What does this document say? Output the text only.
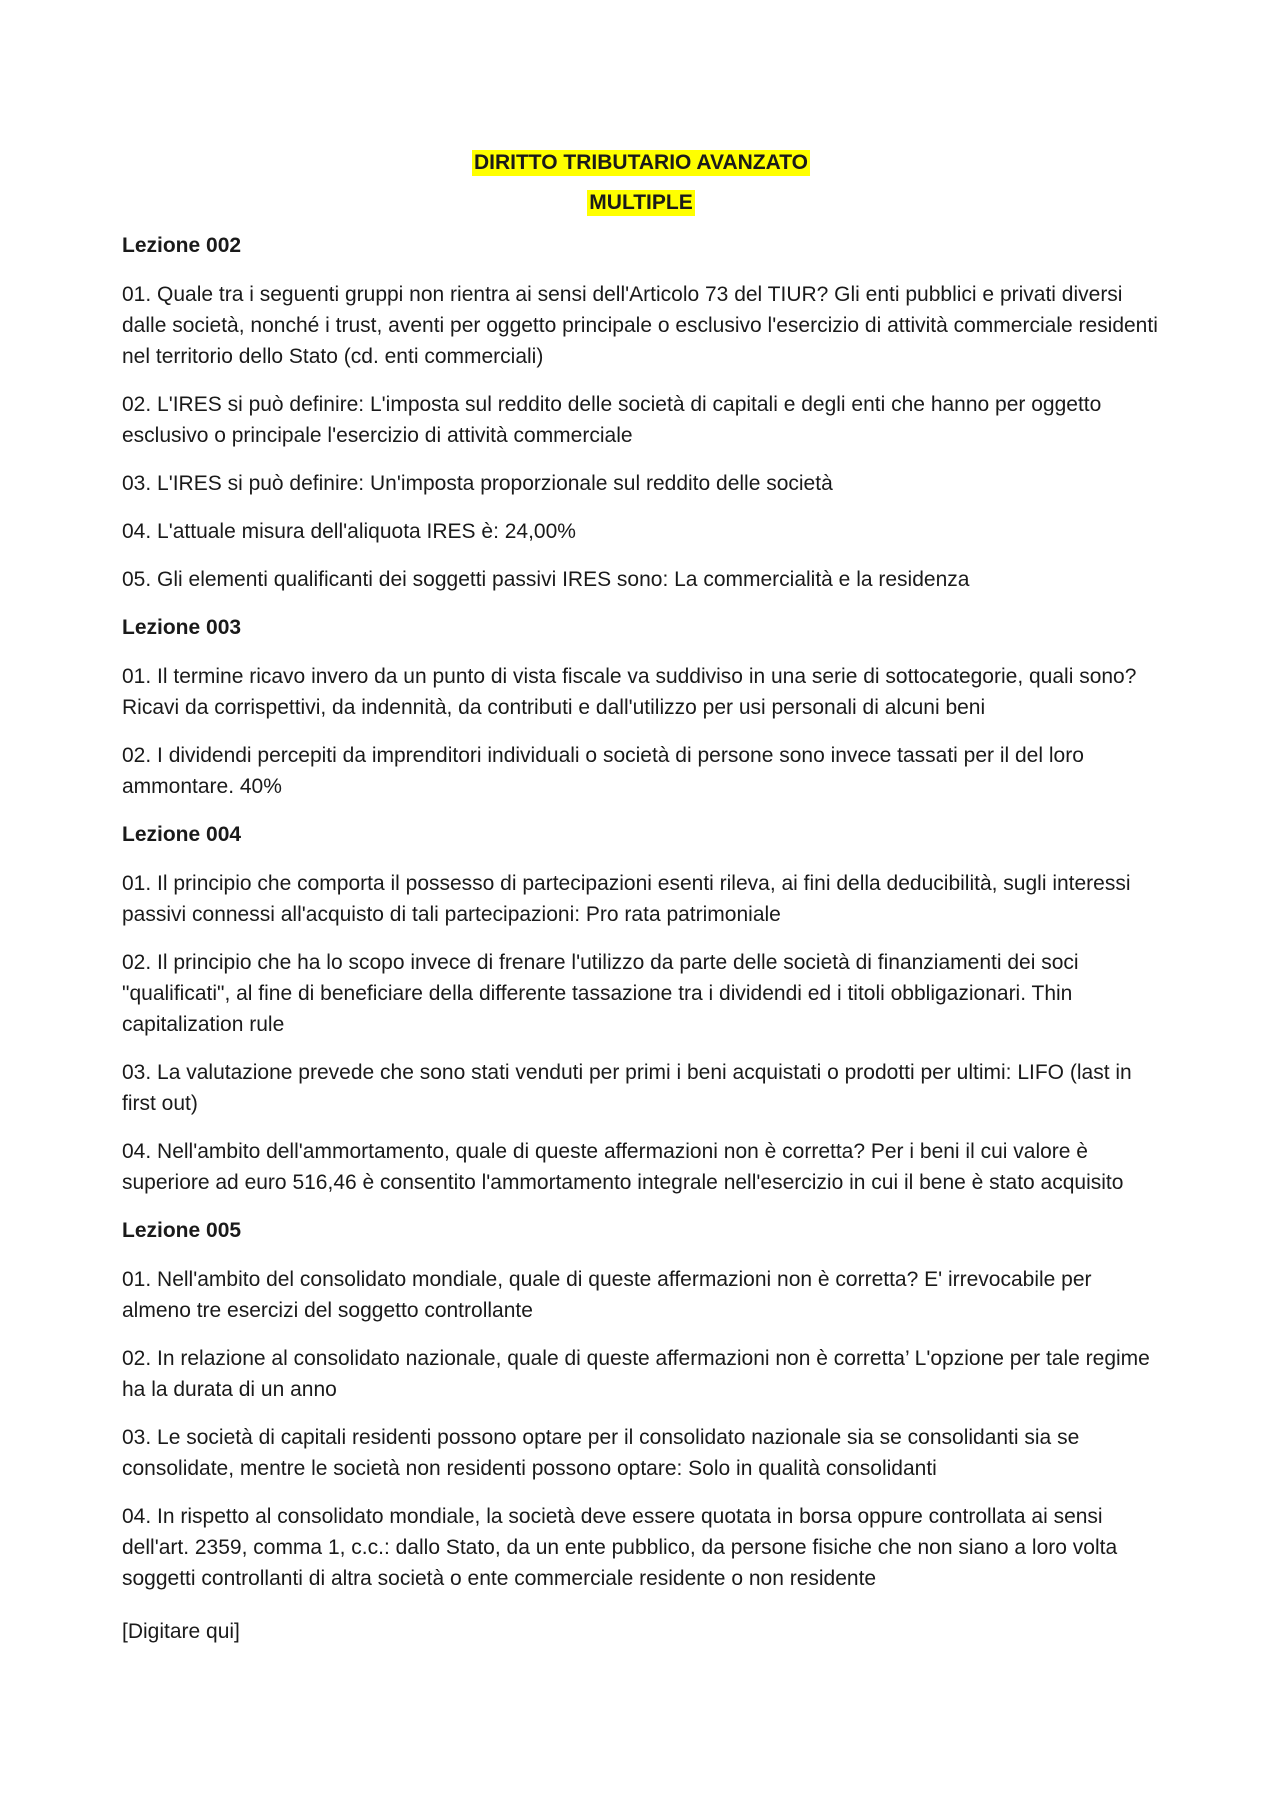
DIRITTO TRIBUTARIO AVANZATO
MULTIPLE
Lezione 002

01. Quale tra i seguenti gruppi non rientra ai sensi dell'Articolo 73 del TIUR? Gli enti pubblici e privati diversi dalle società, nonché i trust, aventi per oggetto principale o esclusivo l'esercizio di attività commerciale residenti nel territorio dello Stato (cd. enti commerciali)

02. L'IRES si può definire: L'imposta sul reddito delle società di capitali e degli enti che hanno per oggetto esclusivo o principale l'esercizio di attività commerciale

03. L'IRES si può definire: Un'imposta proporzionale sul reddito delle società

04. L'attuale misura dell'aliquota IRES è: 24,00%

05. Gli elementi qualificanti dei soggetti passivi IRES sono: La commercialità e la residenza

Lezione 003

01. Il termine ricavo invero da un punto di vista fiscale va suddiviso in una serie di sottocategorie, quali sono? Ricavi da corrispettivi, da indennità, da contributi e dall'utilizzo per usi personali di alcuni beni

02. I dividendi percepiti da imprenditori individuali o società di persone sono invece tassati per il del loro ammontare. 40%

Lezione 004

01. Il principio che comporta il possesso di partecipazioni esenti rileva, ai fini della deducibilità, sugli interessi passivi connessi all'acquisto di tali partecipazioni: Pro rata patrimoniale

02. Il principio che ha lo scopo invece di frenare l'utilizzo da parte delle società di finanziamenti dei soci "qualificati", al fine di beneficiare della differente tassazione tra i dividendi ed i titoli obbligazionari. Thin capitalization rule

03. La valutazione prevede che sono stati venduti per primi i beni acquistati o prodotti per ultimi: LIFO (last in first out)

04. Nell'ambito dell'ammortamento, quale di queste affermazioni non è corretta? Per i beni il cui valore è superiore ad euro 516,46 è consentito l'ammortamento integrale nell'esercizio in cui il bene è stato acquisito

Lezione 005

01. Nell'ambito del consolidato mondiale, quale di queste affermazioni non è corretta? E' irrevocabile per almeno tre esercizi del soggetto controllante

02. In relazione al consolidato nazionale, quale di queste affermazioni non è corretta’ L'opzione per tale regime ha la durata di un anno

03. Le società di capitali residenti possono optare per il consolidato nazionale sia se consolidanti sia se consolidate, mentre le società non residenti possono optare: Solo in qualità consolidanti

04. In rispetto al consolidato mondiale, la società deve essere quotata in borsa oppure controllata ai sensi dell'art. 2359, comma 1, c.c.: dallo Stato, da un ente pubblico, da persone fisiche che non siano a loro volta soggetti controllanti di altra società o ente commerciale residente o non residente

[Digitare qui]
